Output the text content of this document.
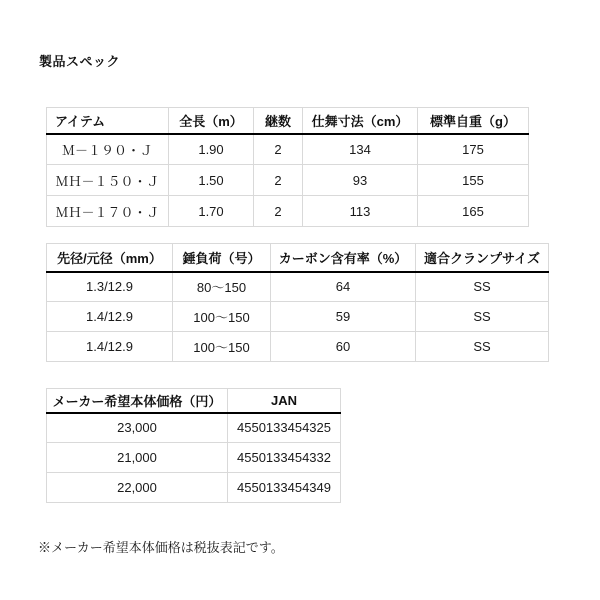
製品スペック
アイテム	全長（m）	継数	仕舞寸法（cm）	標準自重（g）
Ｍ－１９０・Ｊ	1.90	2	134	175
ＭＨ－１５０・Ｊ	1.50	2	93	155
ＭＨ－１７０・Ｊ	1.70	2	113	165
先径/元径（mm）	錘負荷（号）	カーボン含有率（%）	適合クランプサイズ
1.3/12.9	80～150	64	SS
1.4/12.9	100～150	59	SS
1.4/12.9	100～150	60	SS
メーカー希望本体価格（円）	JAN
23,000	4550133454325
21,000	4550133454332
22,000	4550133454349
※メーカー希望本体価格は税抜表記です。
